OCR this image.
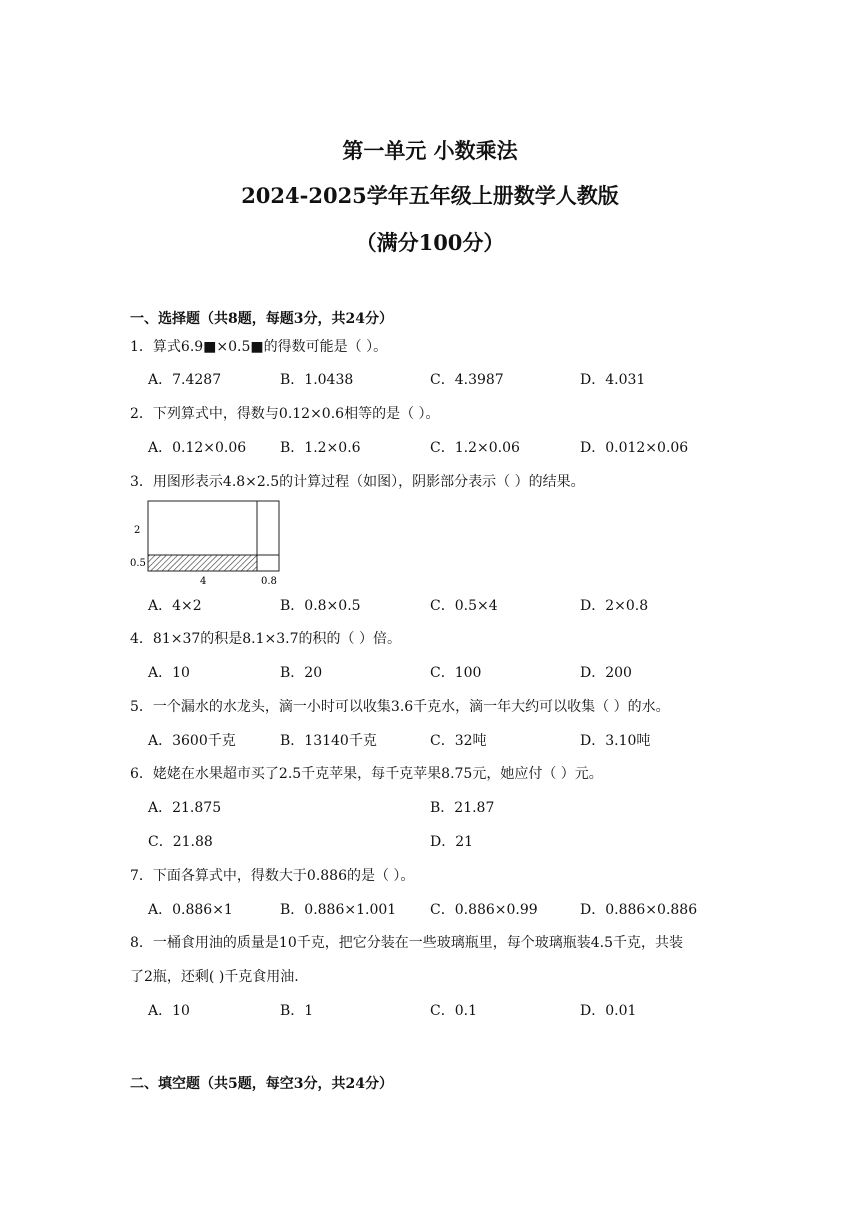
第一单元 小数乘法
2024-2025学年五年级上册数学人教版
（满分100分）
一、选择题（共8题，每题3分，共24分）
1．算式6.9■×0.5■的得数可能是（ ）。
A．7.4287	B．1.0438	C．4.3987	D．4.031
2．下列算式中，得数与0.12×0.6相等的是（ ）。
A．0.12×0.06 B．1.2×0.6	C．1.2×0.06	D．0.012×0.06
3．用图形表示4.8×2.5的计算过程（如图），阴影部分表示（ ）的结果。
2
0.5
4	0.8
A．4×2	B．0.8×0.5	C．0.5×4	D．2×0.8
4．81×37的积是8.1×3.7的积的（ ）倍。
A．10	B．20	C．100	D．200
5．一个漏水的水龙头，滴一小时可以收集3.6千克水，滴一年大约可以收集（ ）的水。
A．3600千克	B．13140千克	C．32吨	D．3.10吨
6．姥姥在水果超市买了2.5千克苹果，每千克苹果8.75元，她应付（ ）元。
A．21.875	B．21.87
C．21.88	D．21
7．下面各算式中，得数大于0.886的是（ ）。
A．0.886×1	B．0.886×1.001 C．0.886×0.99	D．0.886×0.886
8．一桶食用油的质量是10千克，把它分装在一些玻璃瓶里，每个玻璃瓶装4.5千克，共装
了2瓶，还剩( )千克食用油.
A．10	B．1	C．0.1	D．0.01
二、填空题（共5题，每空3分，共24分）
